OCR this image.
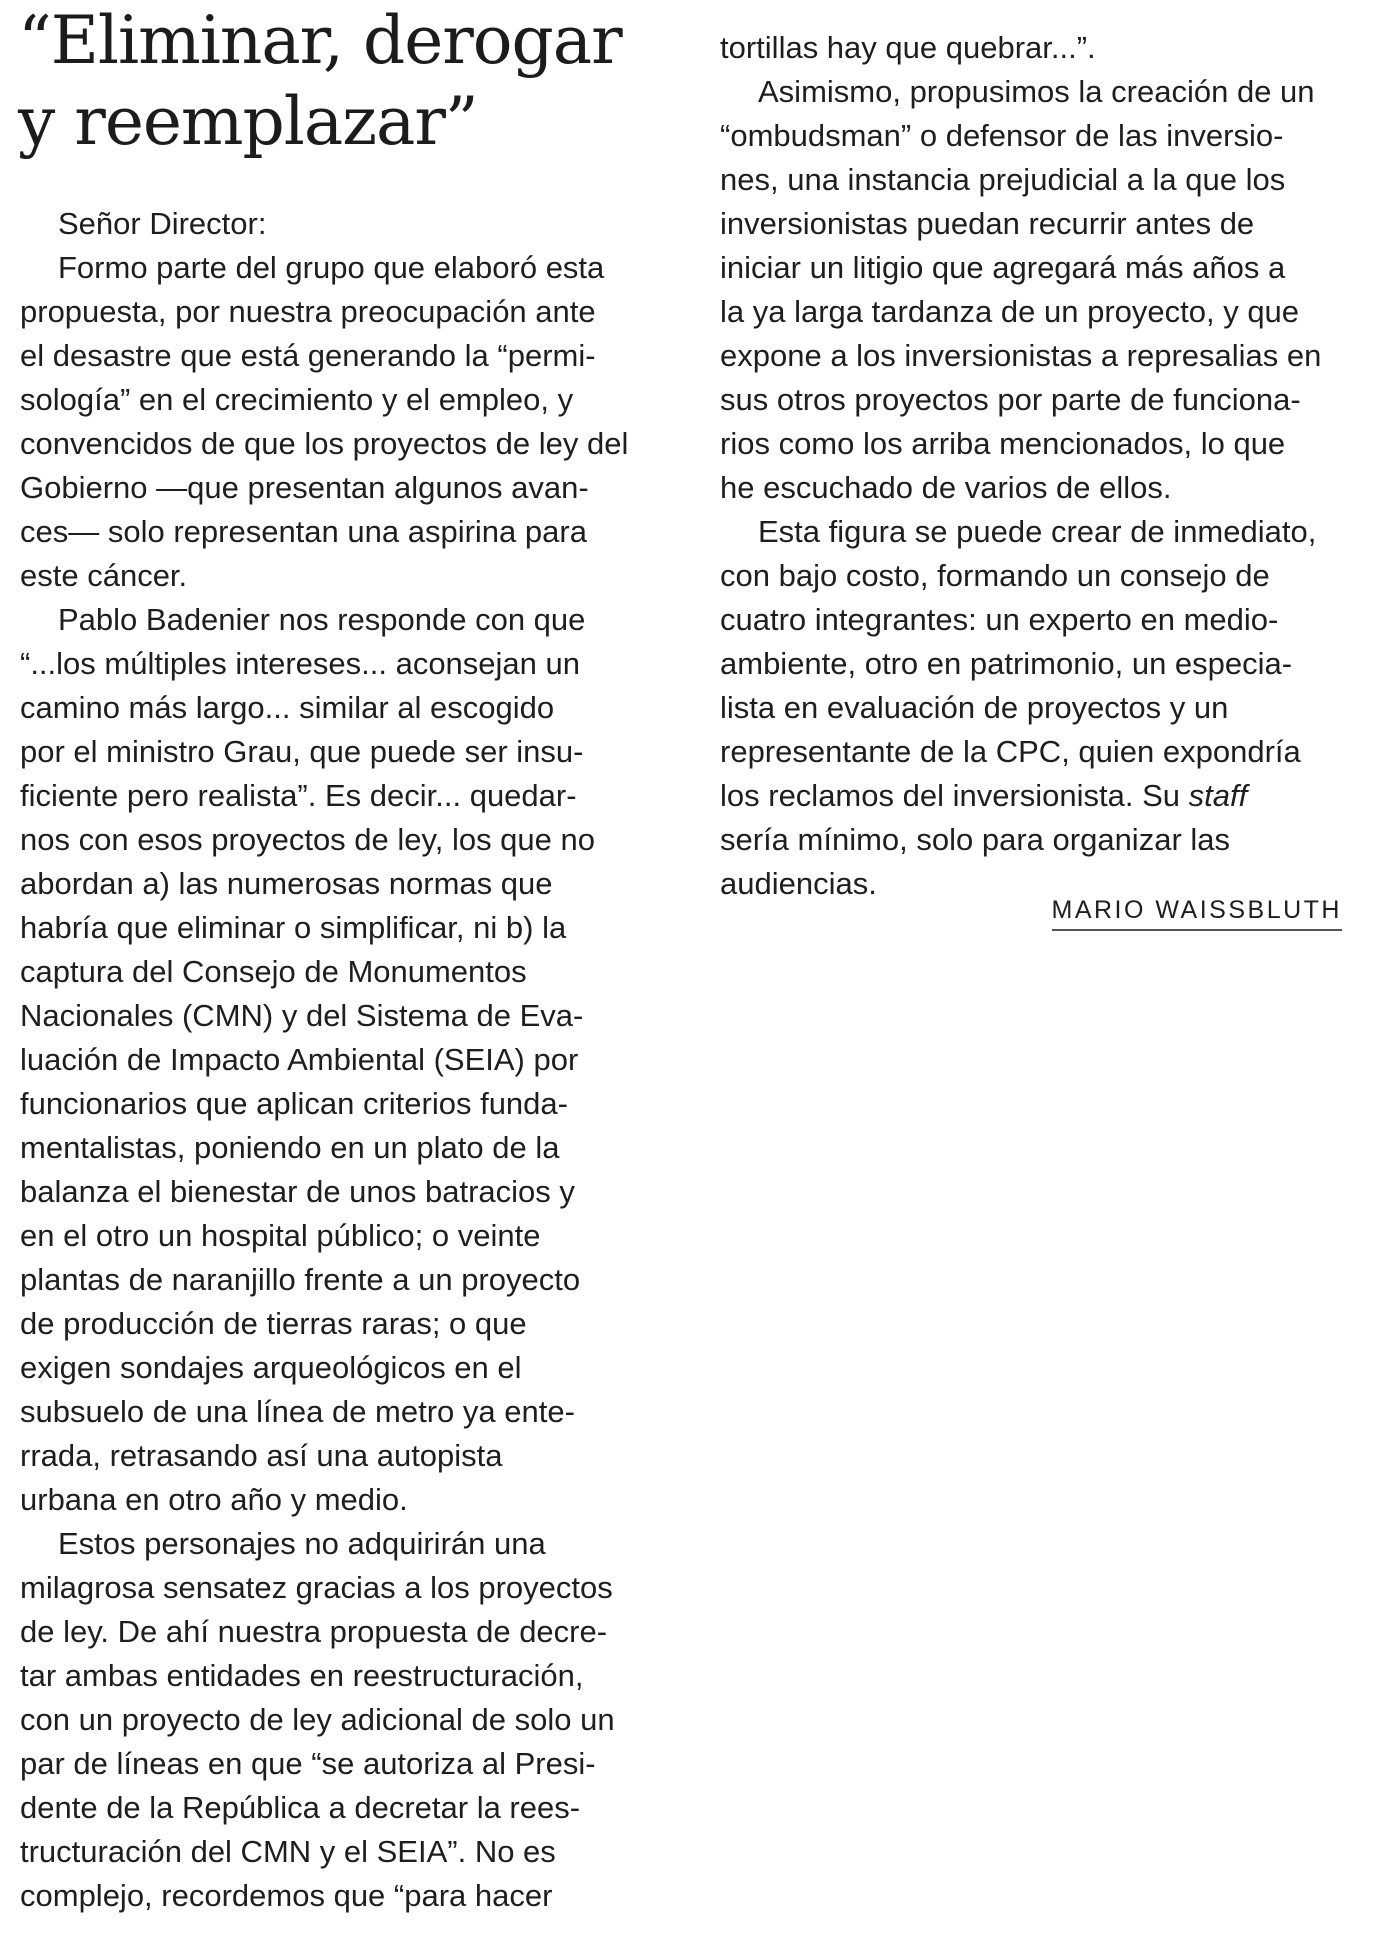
“Eliminar, derogar
y reemplazar”
Señor Director:
Formo parte del grupo que elaboró esta
propuesta, por nuestra preocupación ante
el desastre que está generando la “permi-
sología” en el crecimiento y el empleo, y
convencidos de que los proyectos de ley del
Gobierno —que presentan algunos avan-
ces— solo representan una aspirina para
este cáncer.
Pablo Badenier nos responde con que
“...los múltiples intereses... aconsejan un
camino más largo... similar al escogido
por el ministro Grau, que puede ser insu-
ficiente pero realista”. Es decir... quedar-
nos con esos proyectos de ley, los que no
abordan a) las numerosas normas que
habría que eliminar o simplificar, ni b) la
captura del Consejo de Monumentos
Nacionales (CMN) y del Sistema de Eva-
luación de Impacto Ambiental (SEIA) por
funcionarios que aplican criterios funda-
mentalistas, poniendo en un plato de la
balanza el bienestar de unos batracios y
en el otro un hospital público; o veinte
plantas de naranjillo frente a un proyecto
de producción de tierras raras; o que
exigen sondajes arqueológicos en el
subsuelo de una línea de metro ya ente-
rrada, retrasando así una autopista
urbana en otro año y medio.
Estos personajes no adquirirán una
milagrosa sensatez gracias a los proyectos
de ley. De ahí nuestra propuesta de decre-
tar ambas entidades en reestructuración,
con un proyecto de ley adicional de solo un
par de líneas en que “se autoriza al Presi-
dente de la República a decretar la rees-
tructuración del CMN y el SEIA”. No es
complejo, recordemos que “para hacer
tortillas hay que quebrar...”.
Asimismo, propusimos la creación de un
“ombudsman” o defensor de las inversio-
nes, una instancia prejudicial a la que los
inversionistas puedan recurrir antes de
iniciar un litigio que agregará más años a
la ya larga tardanza de un proyecto, y que
expone a los inversionistas a represalias en
sus otros proyectos por parte de funciona-
rios como los arriba mencionados, lo que
he escuchado de varios de ellos.
Esta figura se puede crear de inmediato,
con bajo costo, formando un consejo de
cuatro integrantes: un experto en medio-
ambiente, otro en patrimonio, un especia-
lista en evaluación de proyectos y un
representante de la CPC, quien expondría
los reclamos del inversionista. Su staff
sería mínimo, solo para organizar las
audiencias.
MARIO WAISSBLUTH
